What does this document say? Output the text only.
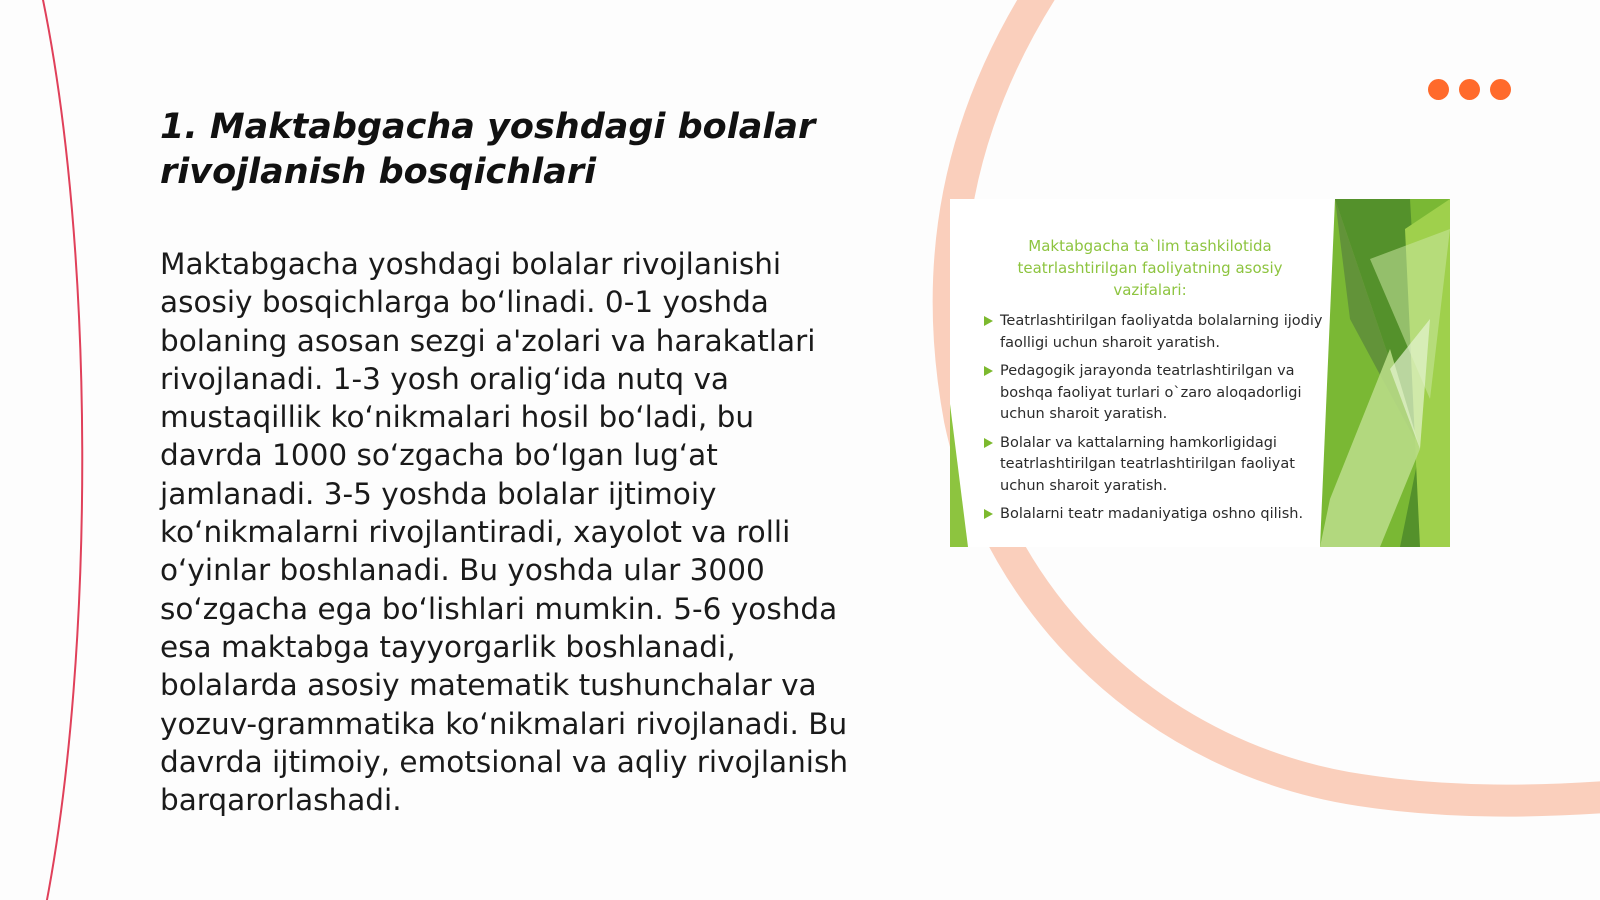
1. Maktabgacha yoshdagi bolalar rivojlanish bosqichlari

Maktabgacha yoshdagi bolalar rivojlanishi asosiy bosqichlarga bo‘linadi. 0-1 yoshda bolaning asosan sezgi a'zolari va harakatlari rivojlanadi. 1-3 yosh oralig‘ida nutq va mustaqillik ko‘nikmalari hosil bo‘ladi, bu davrda 1000 so‘zgacha bo‘lgan lug‘at jamlanadi. 3-5 yoshda bolalar ijtimoiy ko‘nikmalarni rivojlantiradi, xayolot va rolli o‘yinlar boshlanadi. Bu yoshda ular 3000 so‘zgacha ega bo‘lishlari mumkin. 5-6 yoshda esa maktabga tayyorgarlik boshlanadi, bolalarda asosiy matematik tushunchalar va yozuv-grammatika ko‘nikmalari rivojlanadi. Bu davrda ijtimoiy, emotsional va aqliy rivojlanish barqarorlashadi.

Maktabgacha ta`lim tashkilotida teatrlashtirilgan faoliyatning asosiy vazifalari:

Teatrlashtirilgan faoliyatda bolalarning ijodiy faolligi uchun sharoit yaratish.
Pedagogik jarayonda teatrlashtirilgan va boshqa faoliyat turlari o`zaro aloqadorligi uchun sharoit yaratish.
Bolalar va kattalarning hamkorligidagi teatrlashtirilgan teatrlashtirilgan faoliyat uchun sharoit yaratish.
Bolalarni teatr madaniyatiga oshno qilish.
